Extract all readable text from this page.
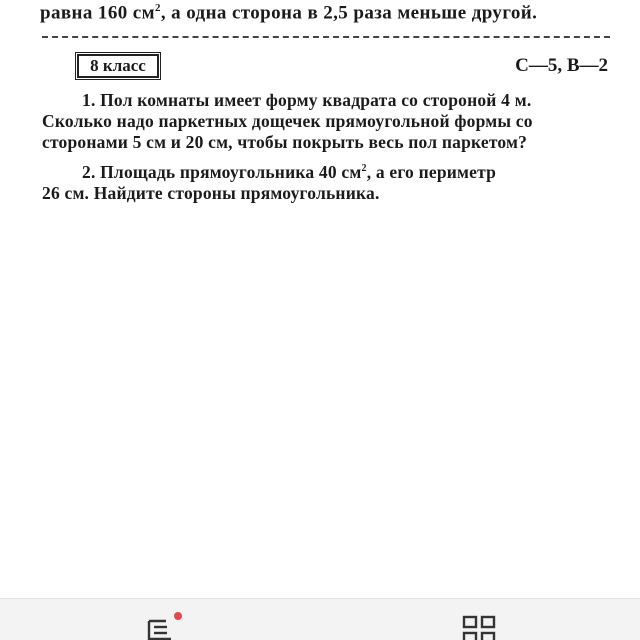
равна 160 $см^2$, а одна сторона в 2,5 раза меньше другой.
8 класс	С—5, В—2
1. Пол комнаты имеет форму квадрата со стороной 4 м.
Сколько надо паркетных дощечек прямоугольной формы со
сторонами 5 см и 20 см, чтобы покрыть весь пол паркетом?
2. Площадь прямоугольника 40 $см^2$, а его периметр
26 см. Найдите стороны прямоугольника.
